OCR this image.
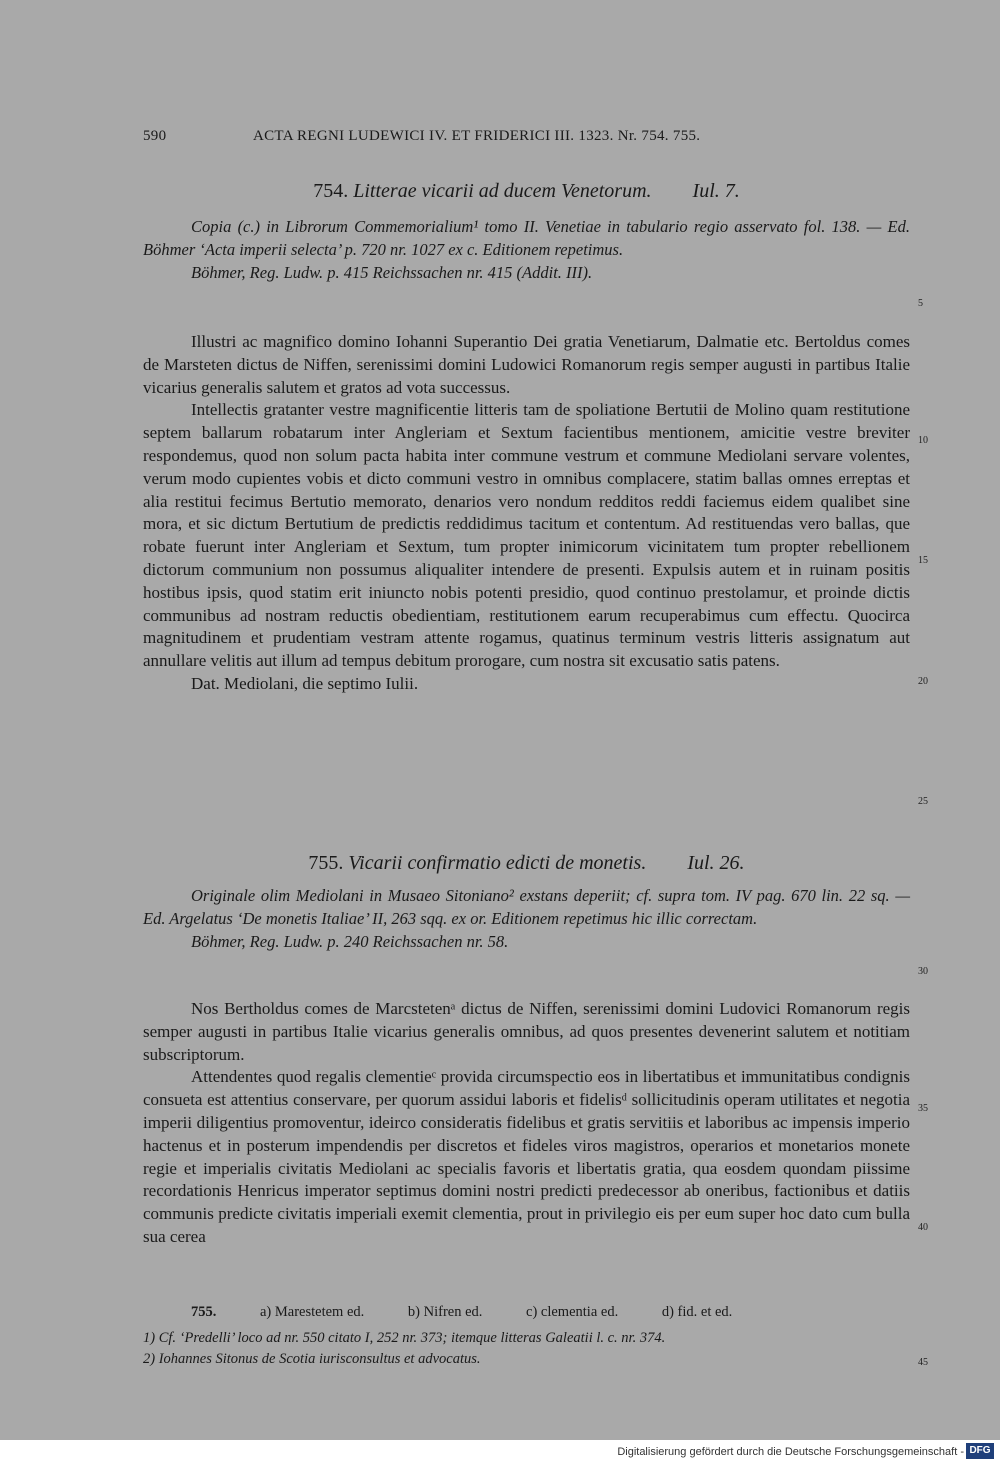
590	ACTA REGNI LUDEWICI IV. ET FRIDERICI III. 1323. Nr. 754. 755.
754. Litterae vicarii ad ducem Venetorum. Iul. 7.
Copia (c.) in Librorum Commemorialium¹ tomo II. Venetiae in tabulario regio asservato fol. 138. — Ed. Böhmer ‘Acta imperii selecta’ p. 720 nr. 1027 ex c. Editionem repetimus.
Böhmer, Reg. Ludw. p. 415 Reichssachen nr. 415 (Addit. III).

Illustri ac magnifico domino Iohanni Superantio Dei gratia Venetiarum, Dalmatie etc. Bertoldus comes de Marsteten dictus de Niffen, serenissimi domini Ludowici Romanorum regis semper augusti in partibus Italie vicarius generalis salutem et gratos ad vota successus.

Intellectis gratanter vestre magnificentie litteris tam de spoliatione Bertutii de Molino quam restitutione septem ballarum robatarum inter Angleriam et Sextum facientibus mentionem, amicitie vestre breviter respondemus, quod non solum pacta habita inter commune vestrum et commune Mediolani servare volentes, verum modo cupientes vobis et dicto communi vestro in omnibus complacere, statim ballas omnes erreptas et alia restitui fecimus Bertutio memorato, denarios vero nondum redditos reddi faciemus eidem qualibet sine mora, et sic dictum Bertutium de predictis reddidimus tacitum et contentum. Ad restituendas vero ballas, que robate fuerunt inter Angleriam et Sextum, tum propter inimicorum vicinitatem tum propter rebellionem dictorum communium non possumus aliqualiter intendere de presenti. Expulsis autem et in ruinam positis hostibus ipsis, quod statim erit iniuncto nobis potenti presidio, quod continuo prestolamur, et proinde dictis communibus ad nostram reductis obedientiam, restitutionem earum recuperabimus cum effectu. Quocirca magnitudinem et prudentiam vestram attente rogamus, quatinus terminum vestris litteris assignatum aut annullare velitis aut illum ad tempus debitum prorogare, cum nostra sit excusatio satis patens.

Dat. Mediolani, die septimo Iulii.

755. Vicarii confirmatio edicti de monetis. Iul. 26.
Originale olim Mediolani in Musaeo Sitoniano² exstans deperiit; cf. supra tom. IV pag. 670 lin. 22 sq. — Ed. Argelatus ‘De monetis Italiae’ II, 263 sqq. ex or. Editionem repetimus hic illic correctam.
Böhmer, Reg. Ludw. p. 240 Reichssachen nr. 58.

Nos Bertholdus comes de Marcstetenᵃ dictus de Niffen, serenissimi domini Ludovici Romanorum regis semper augusti in partibus Italie vicarius generalis omnibus, ad quos presentes devenerint salutem et notitiam subscriptorum.

Attendentes quod regalis clementieᶜ provida circumspectio eos in libertatibus et immunitatibus condignis consueta est attentius conservare, per quorum assidui laboris et fidelisᵈ sollicitudinis operam utilitates et negotia imperii diligentius promoventur, ideirco consideratis fidelibus et gratis servitiis et laboribus ac impensis imperio hactenus et in posterum impendendis per discretos et fideles viros magistros, operarios et monetarios monete regie et imperialis civitatis Mediolani ac specialis favoris et libertatis gratia, qua eosdem quondam piissime recordationis Henricus imperator septimus domini nostri predicti predecessor ab oneribus, factionibus et datiis communis predicte civitatis imperiali exemit clementia, prout in privilegio eis per eum super hoc dato cum bulla sua cerea

5
10
15
20
25
30
35
40
45
755.	a) Marestetem ed.	b) Nifren ed.	c) clementia ed.	d) fid. et ed.
1) Cf. ‘Predelli’ loco ad nr. 550 citato I, 252 nr. 373; itemque litteras Galeatii l. c. nr. 374.
2) Iohannes Sitonus de Scotia iurisconsultus et advocatus.
Digitalisierung gefördert durch die Deutsche Forschungsgemeinschaft - DFG
